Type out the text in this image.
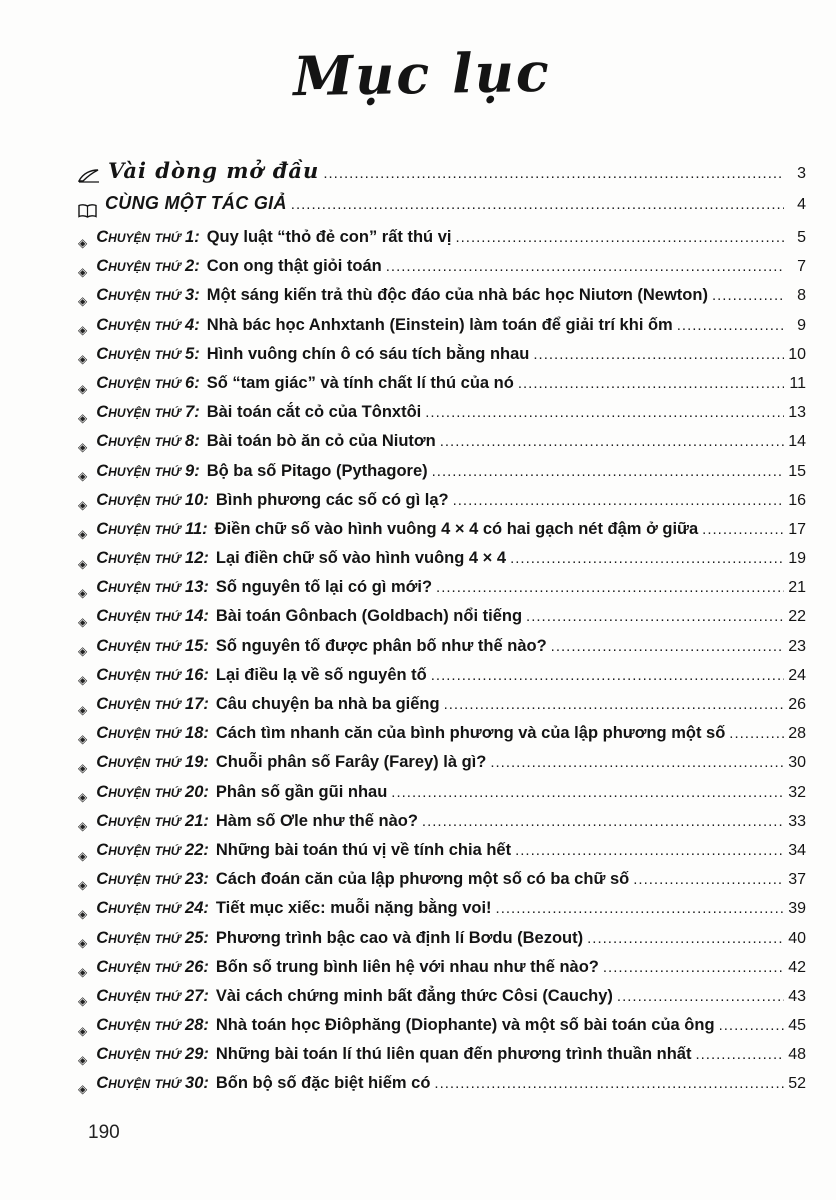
Mục lục
Vài dòng mở đầu .....	3
CÙNG MỘT TÁC GIẢ .....	4
◈ Chuyện thứ 1: Quy luật “thỏ đẻ con” rất thú vị .....	5
◈ Chuyện thứ 2: Con ong thật giỏi toán .....	7
◈ Chuyện thứ 3: Một sáng kiến trả thù độc đáo của nhà bác học Niutơn (Newton) .....	8
◈ Chuyện thứ 4: Nhà bác học Anhxtanh (Einstein) làm toán để giải trí khi ốm .....	9
◈ Chuyện thứ 5: Hình vuông chín ô có sáu tích bằng nhau .....	10
◈ Chuyện thứ 6: Số “tam giác” và tính chất lí thú của nó .....	11
◈ Chuyện thứ 7: Bài toán cắt cỏ của Tônxtôi .....	13
◈ Chuyện thứ 8: Bài toán bò ăn cỏ của Niutơn .....	14
◈ Chuyện thứ 9: Bộ ba số Pitago (Pythagore) .....	15
◈ Chuyện thứ 10: Bình phương các số có gì lạ? .....	16
◈ Chuyện thứ 11: Điền chữ số vào hình vuông 4 × 4 có hai gạch nét đậm ở giữa .....	17
◈ Chuyện thứ 12: Lại điền chữ số vào hình vuông 4 × 4 .....	19
◈ Chuyện thứ 13: Số nguyên tố lại có gì mới? .....	21
◈ Chuyện thứ 14: Bài toán Gônbach (Goldbach) nổi tiếng .....	22
◈ Chuyện thứ 15: Số nguyên tố được phân bố như thế nào? .....	23
◈ Chuyện thứ 16: Lại điều lạ về số nguyên tố .....	24
◈ Chuyện thứ 17: Câu chuyện ba nhà ba giếng .....	26
◈ Chuyện thứ 18: Cách tìm nhanh căn của bình phương và của lập phương một số .....	28
◈ Chuyện thứ 19: Chuỗi phân số Farây (Farey) là gì? .....	30
◈ Chuyện thứ 20: Phân số gần gũi nhau .....	32
◈ Chuyện thứ 21: Hàm số Ơle như thế nào? .....	33
◈ Chuyện thứ 22: Những bài toán thú vị về tính chia hết .....	34
◈ Chuyện thứ 23: Cách đoán căn của lập phương một số có ba chữ số .....	37
◈ Chuyện thứ 24: Tiết mục xiếc: muỗi nặng bằng voi! .....	39
◈ Chuyện thứ 25: Phương trình bậc cao và định lí Bơdu (Bezout) .....	40
◈ Chuyện thứ 26: Bốn số trung bình liên hệ với nhau như thế nào? .....	42
◈ Chuyện thứ 27: Vài cách chứng minh bất đẳng thức Côsi (Cauchy) .....	43
◈ Chuyện thứ 28: Nhà toán học Điôphăng (Diophante) và một số bài toán của ông .....	45
◈ Chuyện thứ 29: Những bài toán lí thú liên quan đến phương trình thuần nhất .....	48
◈ Chuyện thứ 30: Bốn bộ số đặc biệt hiếm có .....	52
190
